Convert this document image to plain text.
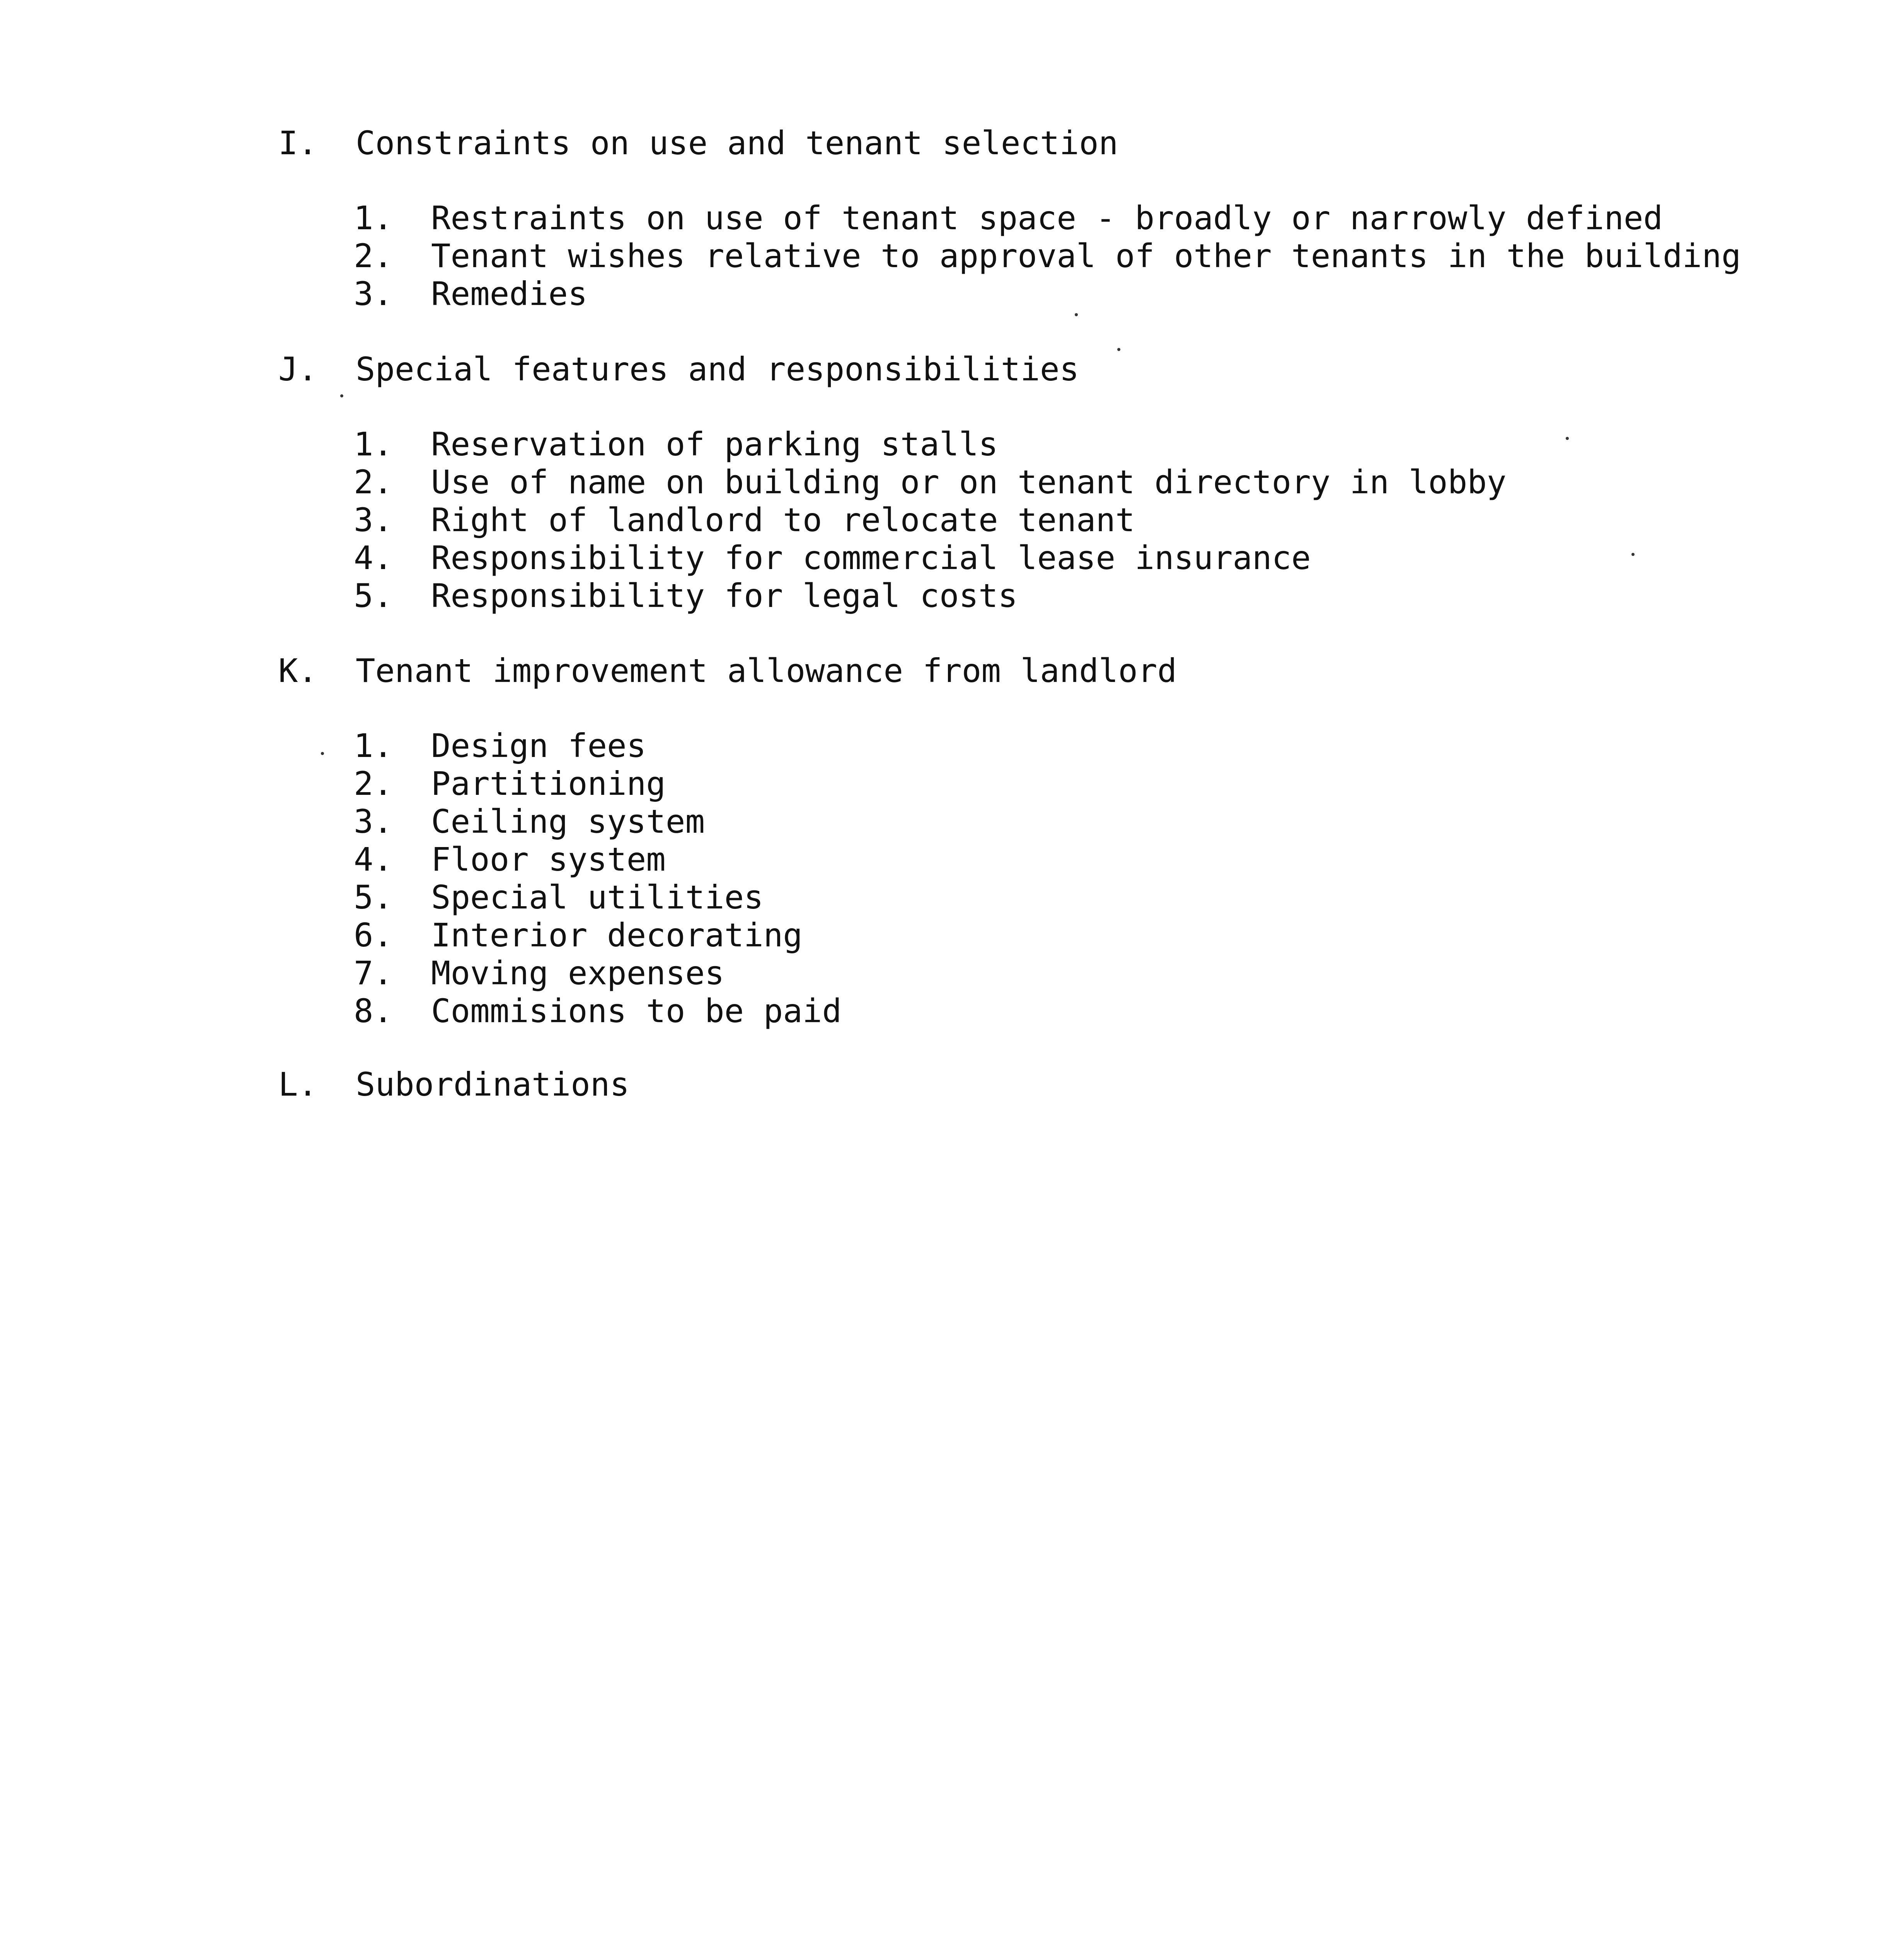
I. Constraints on use and tenant selection
1. Restraints on use of tenant space - broadly or narrowly defined
2. Tenant wishes relative to approval of other tenants in the building
3. Remedies
J. Special features and responsibilities
1. Reservation of parking stalls
2. Use of name on building or on tenant directory in lobby
3. Right of landlord to relocate tenant
4. Responsibility for commercial lease insurance
5. Responsibility for legal costs
K. Tenant improvement allowance from landlord
1. Design fees
2. Partitioning
3. Ceiling system
4. Floor system
5. Special utilities
6. Interior decorating
7. Moving expenses
8. Commisions to be paid
L. Subordinations
